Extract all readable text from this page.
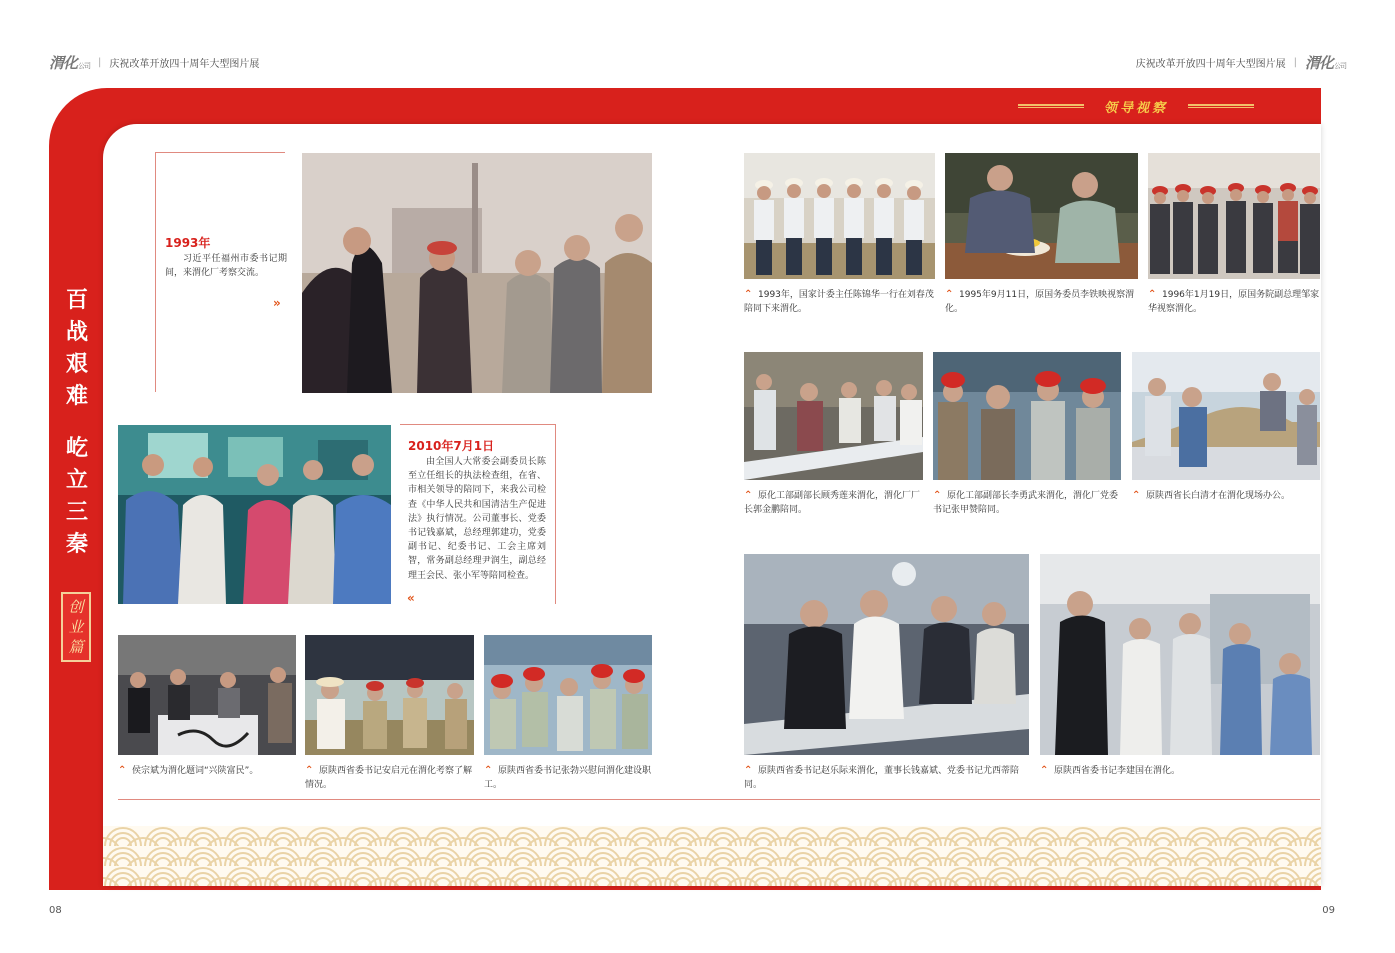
渭化公司 | 庆祝改革开放四十周年大型图片展	庆祝改革开放四十周年大型图片展 | 渭化公司
领导视察
百
战
艰
难
屹
立
三
秦
创
业
篇
1993年
习近平任福州市委书记期间，来渭化厂考察交流。
»
2010年7月1日
由全国人大常委会副委员长陈至立任组长的执法检查组，在省、市相关领导的陪同下，来我公司检查《中华人民共和国清洁生产促进法》执行情况。公司董事长、党委书记钱嘉斌，总经理郭建功，党委副书记、纪委书记、工会主席刘智，常务副总经理尹润生，副总经理王会民、张小军等陪同检查。
«
⌃ 侯宗斌为渭化题词“兴陕富民”。	⌃ 原陕西省委书记安启元在渭化考察了解情况。
⌃ 原陕西省委书记张勃兴慰问渭化建设职工。
⌃ 1993年，国家计委主任陈锦华一行在刘春茂陪同下来渭化。
⌃ 1995年9月11日，原国务委员李铁映视察渭化。
⌃ 1996年1月19日，原国务院副总理邹家华视察渭化。
⌃ 原化工部副部长顾秀莲来渭化，渭化厂厂长郭金鹏陪同。
⌃ 原化工部副部长李勇武来渭化，渭化厂党委书记张甲赞陪同。
⌃ 原陕西省长白清才在渭化现场办公。
⌃ 原陕西省委书记赵乐际来渭化，董事长钱嘉斌、党委书记尤西蒂陪同。
⌃ 原陕西省委书记李建国在渭化。
08	09
